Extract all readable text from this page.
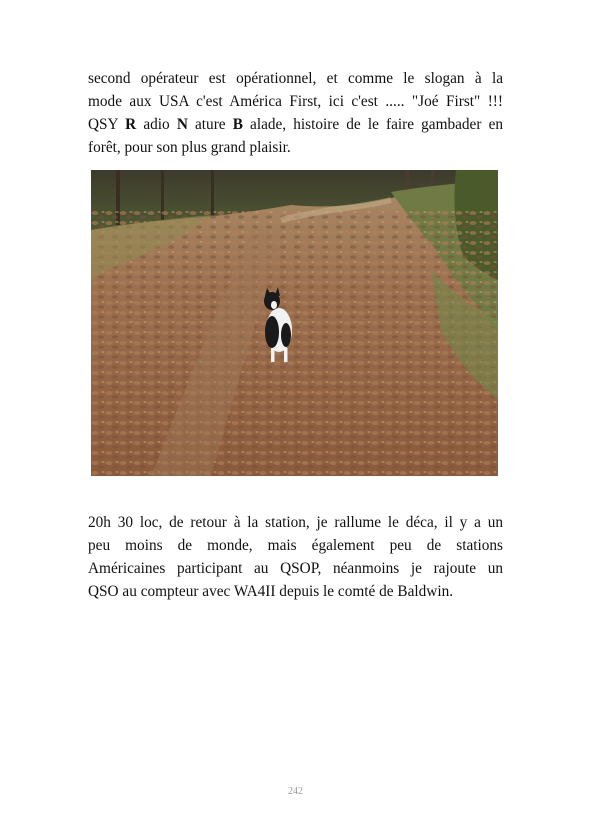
second opérateur est opérationnel, et comme le slogan à la
mode aux USA c'est América First, ici c'est ..... "Joé First" !!!
QSY R adio N ature B alade, histoire de le faire gambader en
forêt, pour son plus grand plaisir.

20h 30 loc, de retour à la station, je rallume le déca, il y a un
peu moins de monde, mais également peu de stations
Américaines participant au QSOP, néanmoins je rajoute un
QSO au compteur avec WA4II depuis le comté de Baldwin.

242
